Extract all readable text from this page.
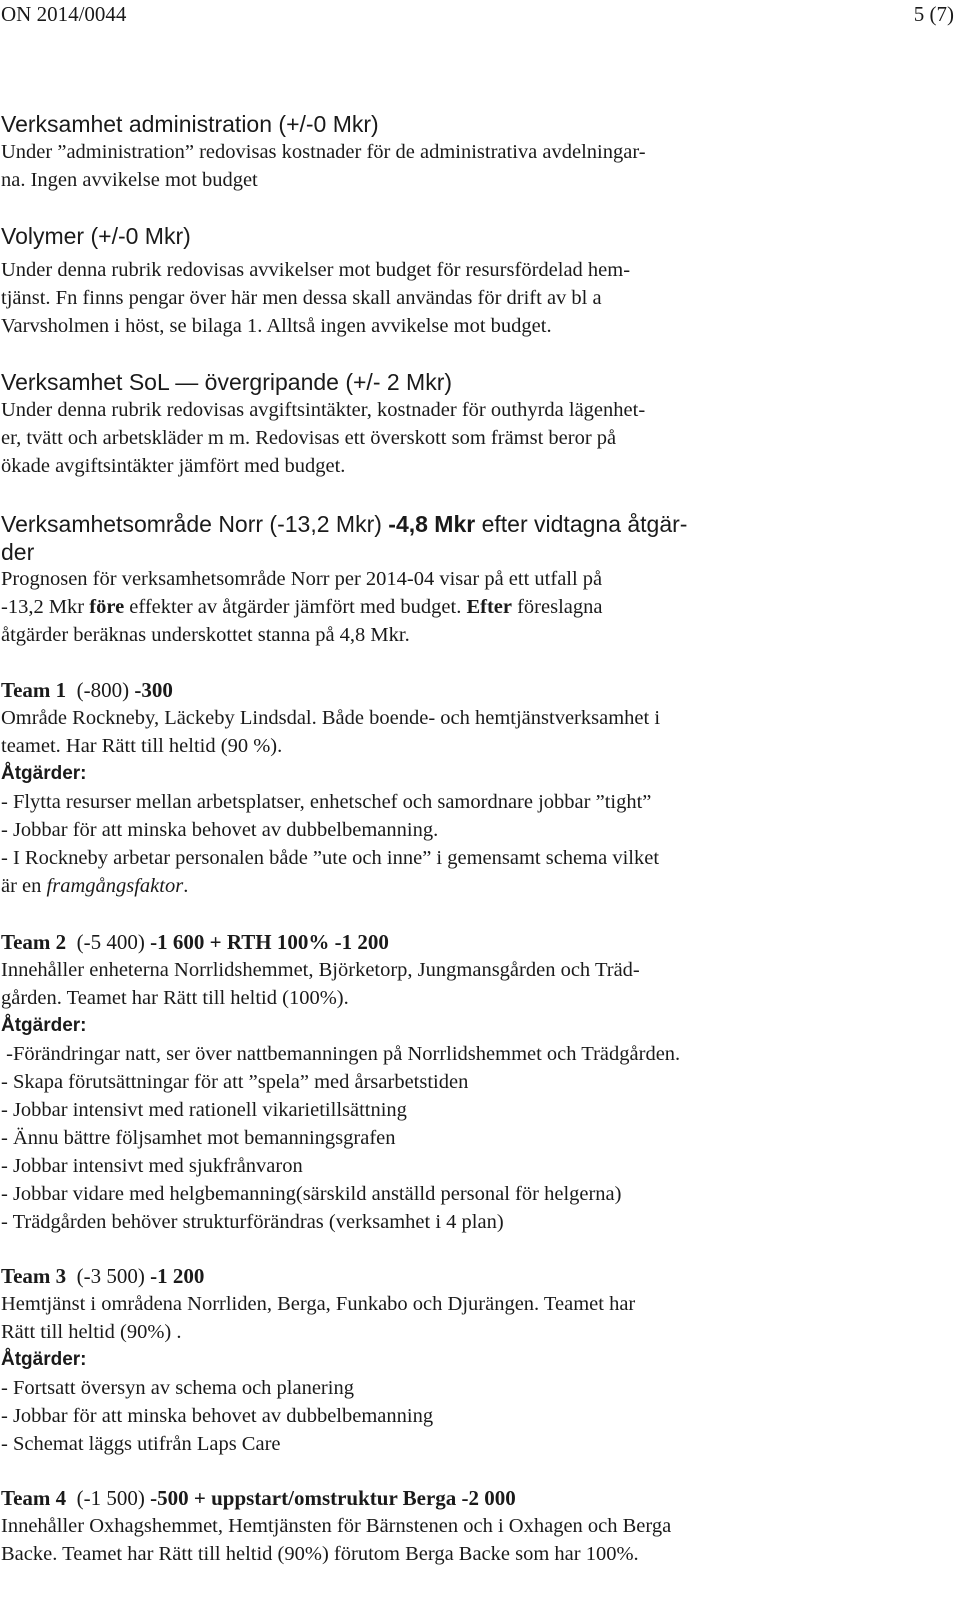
ON 2014/0044	5 (7)
Verksamhet administration (+/-0 Mkr)

Under ”administration” redovisas kostnader för de administrativa avdelningar-

na. Ingen avvikelse mot budget

Volymer (+/-0 Mkr)

Under denna rubrik redovisas avvikelser mot budget för resursfördelad hem-

tjänst. Fn finns pengar över här men dessa skall användas för drift av bl a

Varvsholmen i höst, se bilaga 1. Alltså ingen avvikelse mot budget.

Verksamhet SoL — övergripande (+/- 2 Mkr)

Under denna rubrik redovisas avgiftsintäkter, kostnader för outhyrda lägenhet-

er, tvätt och arbetskläder m m. Redovisas ett överskott som främst beror på

ökade avgiftsintäkter jämfört med budget.

Verksamhetsområde Norr (-13,2 Mkr) -4,8 Mkr efter vidtagna åtgär-
der

Prognosen för verksamhetsområde Norr per 2014-04 visar på ett utfall på

-13,2 Mkr före effekter av åtgärder jämfört med budget. Efter föreslagna

åtgärder beräknas underskottet stanna på 4,8 Mkr.

Team 1 (-800) -300

Område Rockneby, Läckeby Lindsdal. Både boende- och hemtjänstverksamhet i

teamet. Har Rätt till heltid (90 %).

Åtgärder:

- Flytta resurser mellan arbetsplatser, enhetschef och samordnare jobbar ”tight”

- Jobbar för att minska behovet av dubbelbemanning.

- I Rockneby arbetar personalen både ”ute och inne” i gemensamt schema vilket

är en framgångsfaktor.

Team 2 (-5 400) -1 600 + RTH 100% -1 200

Innehåller enheterna Norrlidshemmet, Björketorp, Jungmansgården och Träd-

gården. Teamet har Rätt till heltid (100%).

Åtgärder:

-Förändringar natt, ser över nattbemanningen på Norrlidshemmet och Trädgården.

- Skapa förutsättningar för att ”spela” med årsarbetstiden

- Jobbar intensivt med rationell vikarietillsättning

- Ännu bättre följsamhet mot bemanningsgrafen

- Jobbar intensivt med sjukfrånvaron

- Jobbar vidare med helgbemanning(särskild anställd personal för helgerna)

- Trädgården behöver strukturförändras (verksamhet i 4 plan)

Team 3 (-3 500) -1 200

Hemtjänst i områdena Norrliden, Berga, Funkabo och Djurängen. Teamet har

Rätt till heltid (90%) .

Åtgärder:

- Fortsatt översyn av schema och planering

- Jobbar för att minska behovet av dubbelbemanning

- Schemat läggs utifrån Laps Care

Team 4 (-1 500) -500 + uppstart/omstruktur Berga -2 000

Innehåller Oxhagshemmet, Hemtjänsten för Bärnstenen och i Oxhagen och Berga

Backe. Teamet har Rätt till heltid (90%) förutom Berga Backe som har 100%.
